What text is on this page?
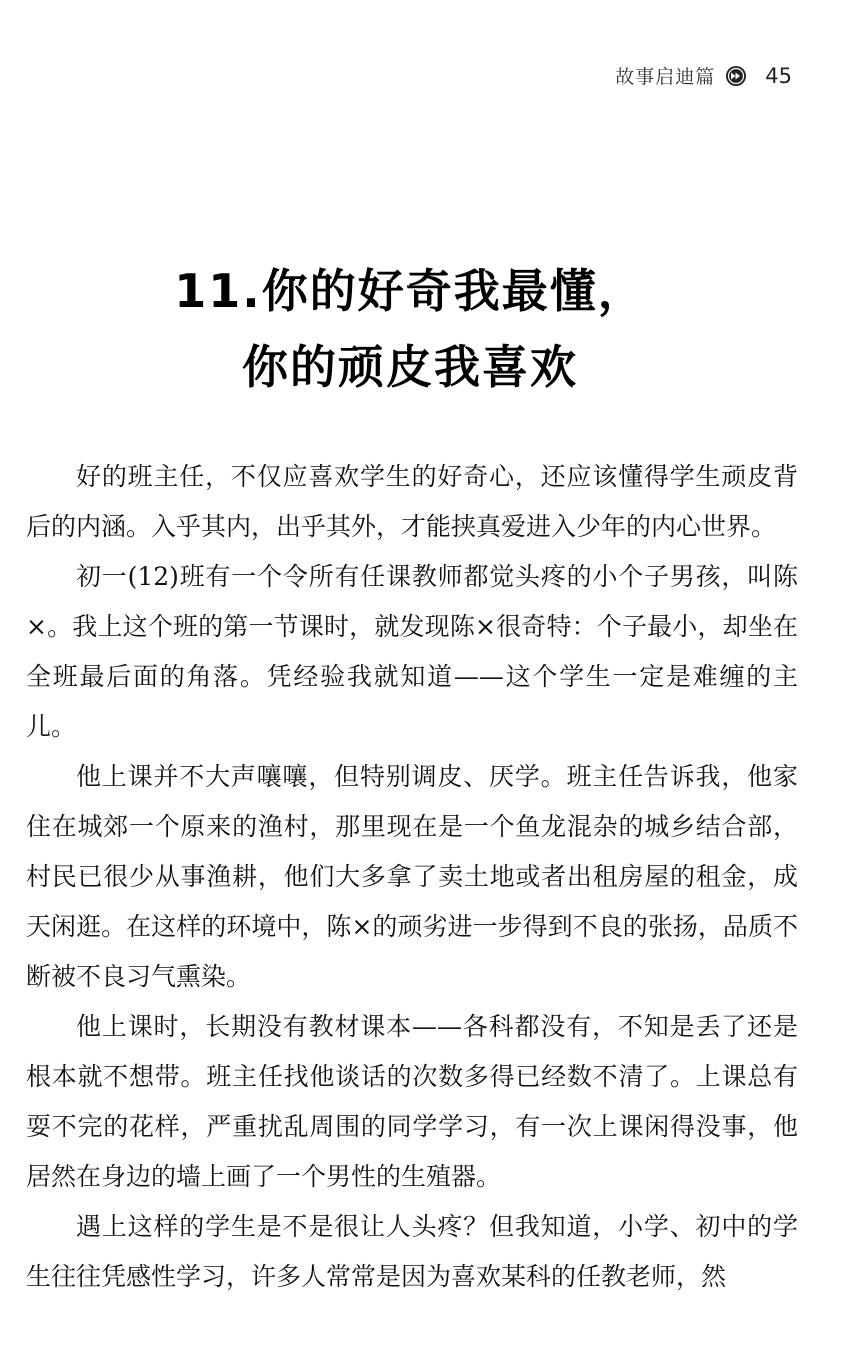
故事启迪篇 45
11.你的好奇我最懂，
你的顽皮我喜欢

好的班主任，不仅应喜欢学生的好奇心，还应该懂得学生顽皮背后的内涵。入乎其内，出乎其外，才能挟真爱进入少年的内心世界。

初一(12)班有一个令所有任课教师都觉头疼的小个子男孩，叫陈×。我上这个班的第一节课时，就发现陈×很奇特：个子最小，却坐在全班最后面的角落。凭经验我就知道——这个学生一定是难缠的主儿。

他上课并不大声嚷嚷，但特别调皮、厌学。班主任告诉我，他家住在城郊一个原来的渔村，那里现在是一个鱼龙混杂的城乡结合部，村民已很少从事渔耕，他们大多拿了卖土地或者出租房屋的租金，成天闲逛。在这样的环境中，陈×的顽劣进一步得到不良的张扬，品质不断被不良习气熏染。

他上课时，长期没有教材课本——各科都没有，不知是丢了还是根本就不想带。班主任找他谈话的次数多得已经数不清了。上课总有耍不完的花样，严重扰乱周围的同学学习，有一次上课闲得没事，他居然在身边的墙上画了一个男性的生殖器。

遇上这样的学生是不是很让人头疼？但我知道，小学、初中的学生往往凭感性学习，许多人常常是因为喜欢某科的任教老师，然
